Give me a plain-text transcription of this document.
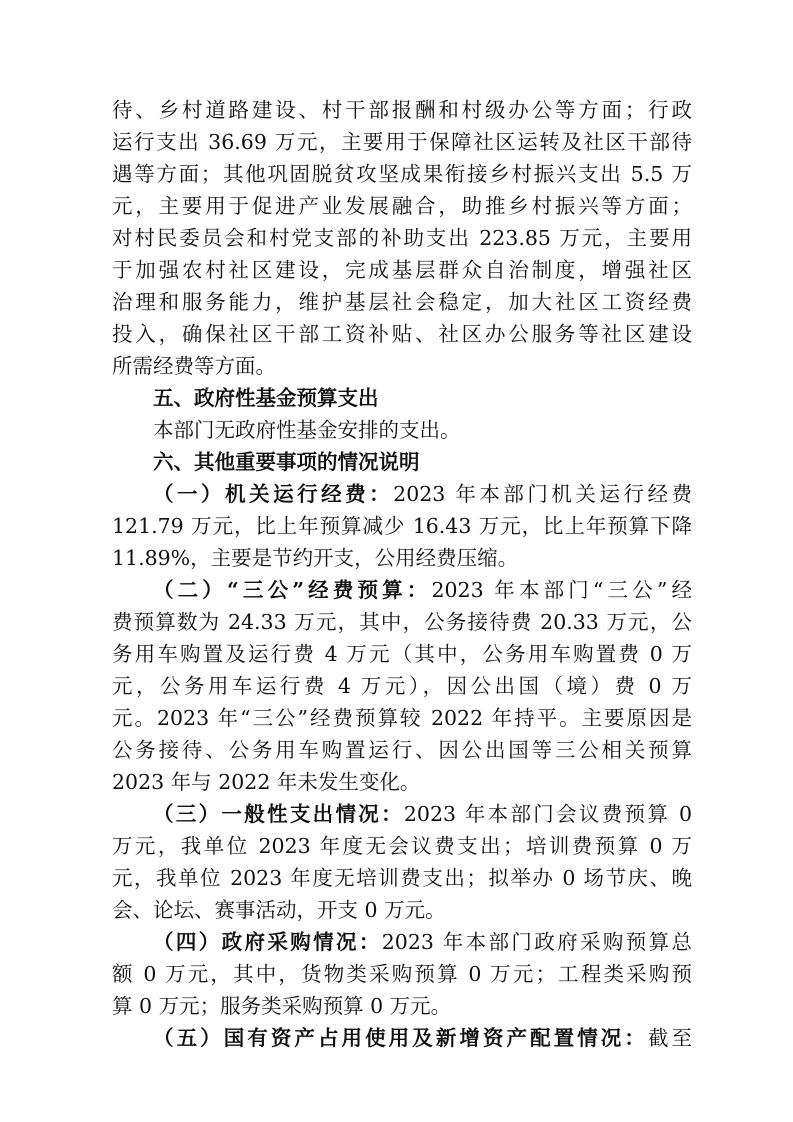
待、乡村道路建设、村干部报酬和村级办公等方面；行政
运行支出 36.69 万元，主要用于保障社区运转及社区干部待
遇等方面；其他巩固脱贫攻坚成果衔接乡村振兴支出 5.5 万
元，主要用于促进产业发展融合，助推乡村振兴等方面；
对村民委员会和村党支部的补助支出 223.85 万元，主要用
于加强农村社区建设，完成基层群众自治制度，增强社区
治理和服务能力，维护基层社会稳定，加大社区工资经费
投入，确保社区干部工资补贴、社区办公服务等社区建设
所需经费等方面。
五、政府性基金预算支出
本部门无政府性基金安排的支出。
六、其他重要事项的情况说明
（一）机关运行经费：2023 年本部门机关运行经费
121.79 万元，比上年预算减少 16.43 万元，比上年预算下降
11.89%，主要是节约开支，公用经费压缩。
（二）“三公”经费预算：2023 年本部门“三公”经
费预算数为 24.33 万元，其中，公务接待费 20.33 万元，公
务用车购置及运行费 4 万元（其中，公务用车购置费 0 万
元，公务用车运行费 4 万元），因公出国（境）费 0 万
元。2023 年“三公”经费预算较 2022 年持平。主要原因是
公务接待、公务用车购置运行、因公出国等三公相关预算
2023 年与 2022 年未发生变化。
（三）一般性支出情况：2023 年本部门会议费预算 0
万元，我单位 2023 年度无会议费支出；培训费预算 0 万
元，我单位 2023 年度无培训费支出；拟举办 0 场节庆、晚
会、论坛、赛事活动，开支 0 万元。
（四）政府采购情况：2023 年本部门政府采购预算总
额 0 万元，其中，货物类采购预算 0 万元；工程类采购预
算 0 万元；服务类采购预算 0 万元。
（五）国有资产占用使用及新增资产配置情况：截至
